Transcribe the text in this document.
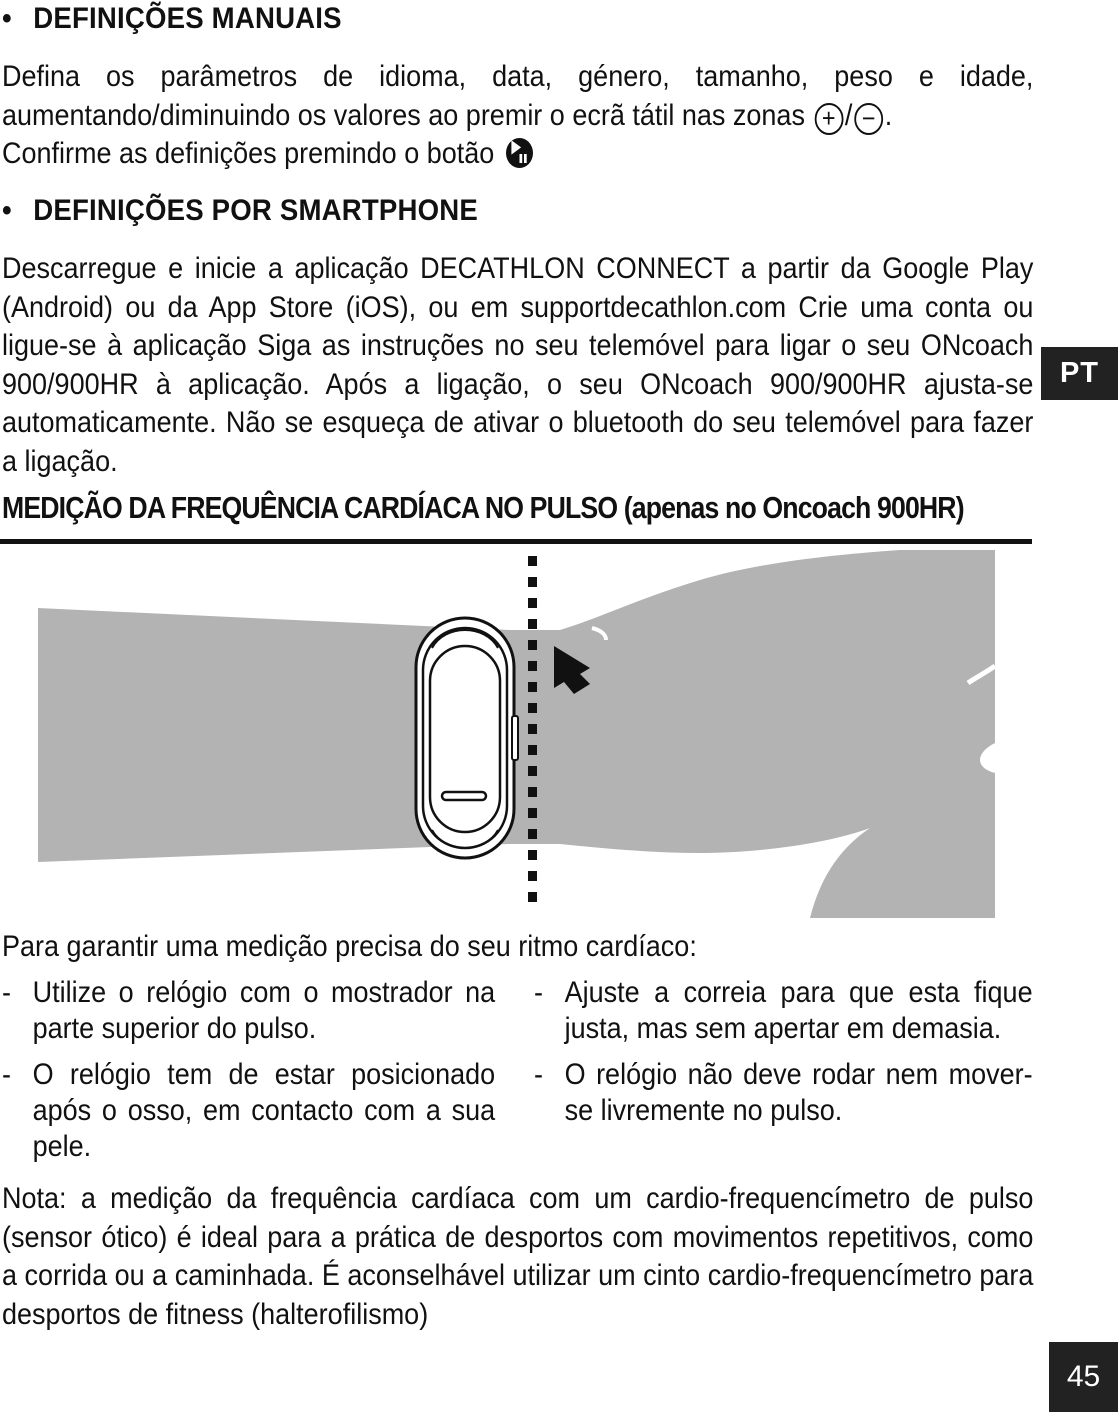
• DEFINIÇÕES MANUAIS

Defina os parâmetros de idioma, data, género, tamanho, peso e idade, aumentando/diminuindo os valores ao premir o ecrã tátil nas zonas + / − .
Confirme as definições premindo o botão

• DEFINIÇÕES POR SMARTPHONE

Descarregue e inicie a aplicação DECATHLON CONNECT a partir da Google Play (Android) ou da App Store (iOS), ou em supportdecathlon.com Crie uma conta ou ligue-se à aplicação Siga as instruções no seu telemóvel para ligar o seu ONcoach 900/900HR à aplicação. Após a ligação, o seu ONcoach 900/900HR ajusta-se automaticamente. Não se esqueça de ativar o bluetooth do seu telemóvel para fazer a ligação.

PT
MEDIÇÃO DA FREQUÊNCIA CARDÍACA NO PULSO (apenas no Oncoach 900HR)

Para garantir uma medição precisa do seu ritmo cardíaco:

- Utilize o relógio com o mostrador na parte superior do pulso.
- O relógio tem de estar posicionado após o osso, em contacto com a sua pele.
- Ajuste a correia para que esta fique justa, mas sem apertar em demasia.
- O relógio não deve rodar nem mover-se livremente no pulso.

Nota: a medição da frequência cardíaca com um cardio-frequencímetro de pulso (sensor ótico) é ideal para a prática de desportos com movimentos repetitivos, como a corrida ou a caminhada. É aconselhável utilizar um cinto cardio-frequencímetro para desportos de fitness (halterofilismo)

45
